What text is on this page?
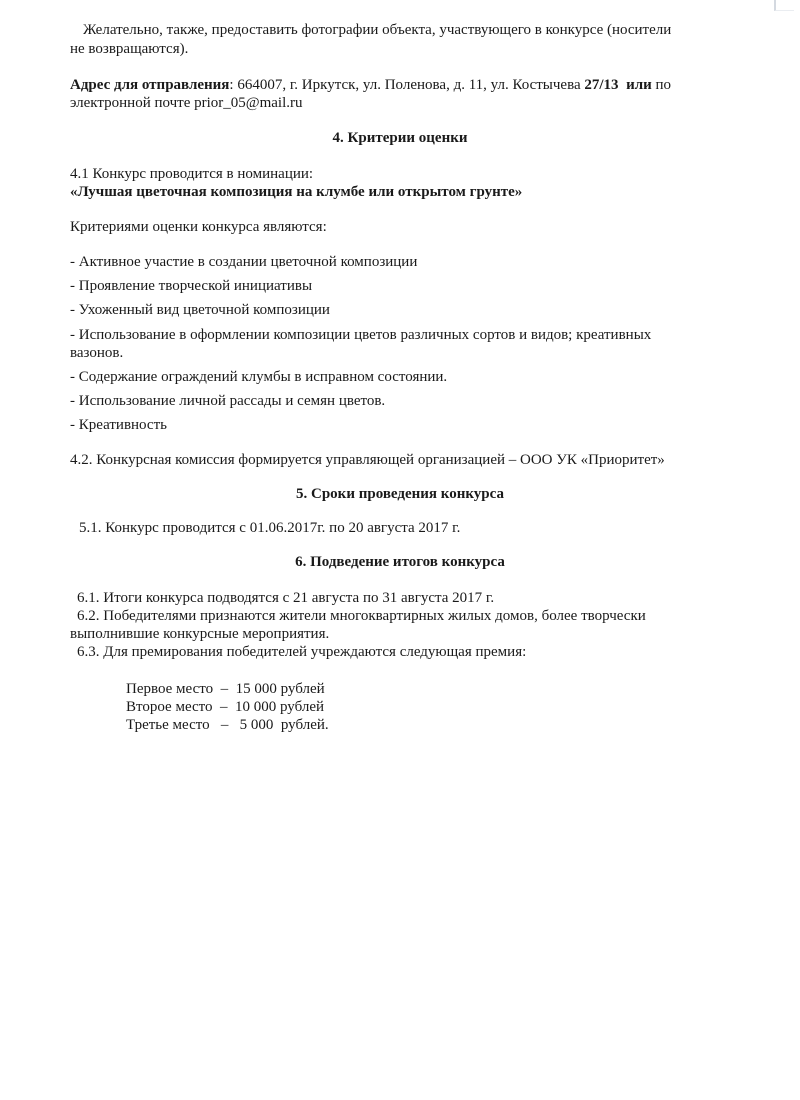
Желательно, также, предоставить фотографии объекта, участвующего в конкурсе (носители
не возвращаются).
Адрес для отправления: 664007, г. Иркутск, ул. Поленова, д. 11, ул. Костычева 27/13 или по
электронной почте prior_05@mail.ru
4. Критерии оценки
4.1 Конкурс проводится в номинации:
«Лучшая цветочная композиция на клумбе или открытом грунте»
Критериями оценки конкурса являются:
- Активное участие в создании цветочной композиции
- Проявление творческой инициативы
- Ухоженный вид цветочной композиции
- Использование в оформлении композиции цветов различных сортов и видов; креативных
вазонов.
- Содержание ограждений клумбы в исправном состоянии.
- Использование личной рассады и семян цветов.
- Креативность
4.2. Конкурсная комиссия формируется управляющей организацией – ООО УК «Приоритет»
5. Сроки проведения конкурса
5.1. Конкурс проводится с 01.06.2017г. по 20 августа 2017 г.
6. Подведение итогов конкурса
6.1. Итоги конкурса подводятся с 21 августа по 31 августа 2017 г.
6.2. Победителями признаются жители многоквартирных жилых домов, более творчески
выполнившие конкурсные мероприятия.
6.3. Для премирования победителей учреждаются следующая премия:
Первое место  –  15 000 рублей
Второе место  –  10 000 рублей
Третье место   –   5 000  рублей.
